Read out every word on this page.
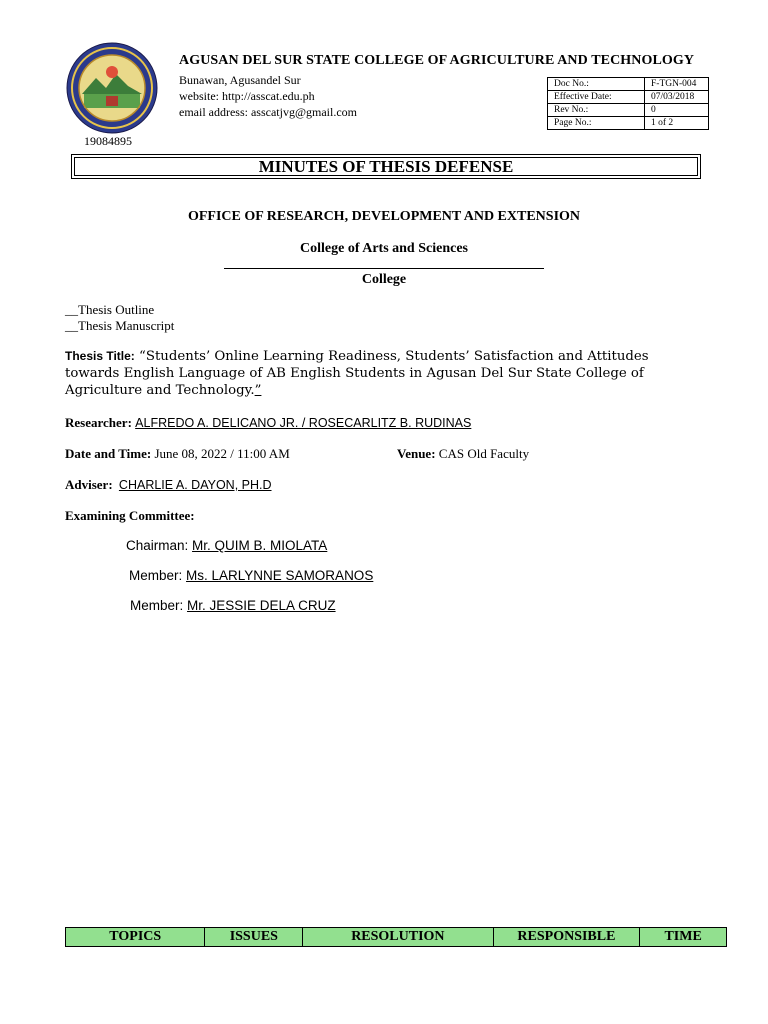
19084895
AGUSAN DEL SUR STATE COLLEGE OF AGRICULTURE AND TECHNOLOGY
Bunawan, Agusandel Sur
website: http://asscat.edu.ph
email address: asscatjvg@gmail.com
Doc No.:	F-TGN-004
Effective Date:	07/03/2018
Rev No.:	0
Page No.:	1 of 2
MINUTES OF THESIS DEFENSE
OFFICE OF RESEARCH, DEVELOPMENT AND EXTENSION
College of Arts and Sciences
College
__Thesis Outline
__Thesis Manuscript
Thesis Title: “Students’ Online Learning Readiness, Students’ Satisfaction and Attitudes towards English Language of AB English Students in Agusan Del Sur State College of Agriculture and Technology.”
Researcher: ALFREDO A. DELICANO JR. / ROSECARLITZ B. RUDINAS
Date and Time: June 08, 2022 / 11:00 AM	Venue: CAS Old Faculty
Adviser: CHARLIE A. DAYON, PH.D
Examining Committee:
Chairman: Mr. QUIM B. MIOLATA
Member: Ms. LARLYNNE SAMORANOS
Member: Mr. JESSIE DELA CRUZ
TOPICS	ISSUES	RESOLUTION	RESPONSIBLE	TIME
